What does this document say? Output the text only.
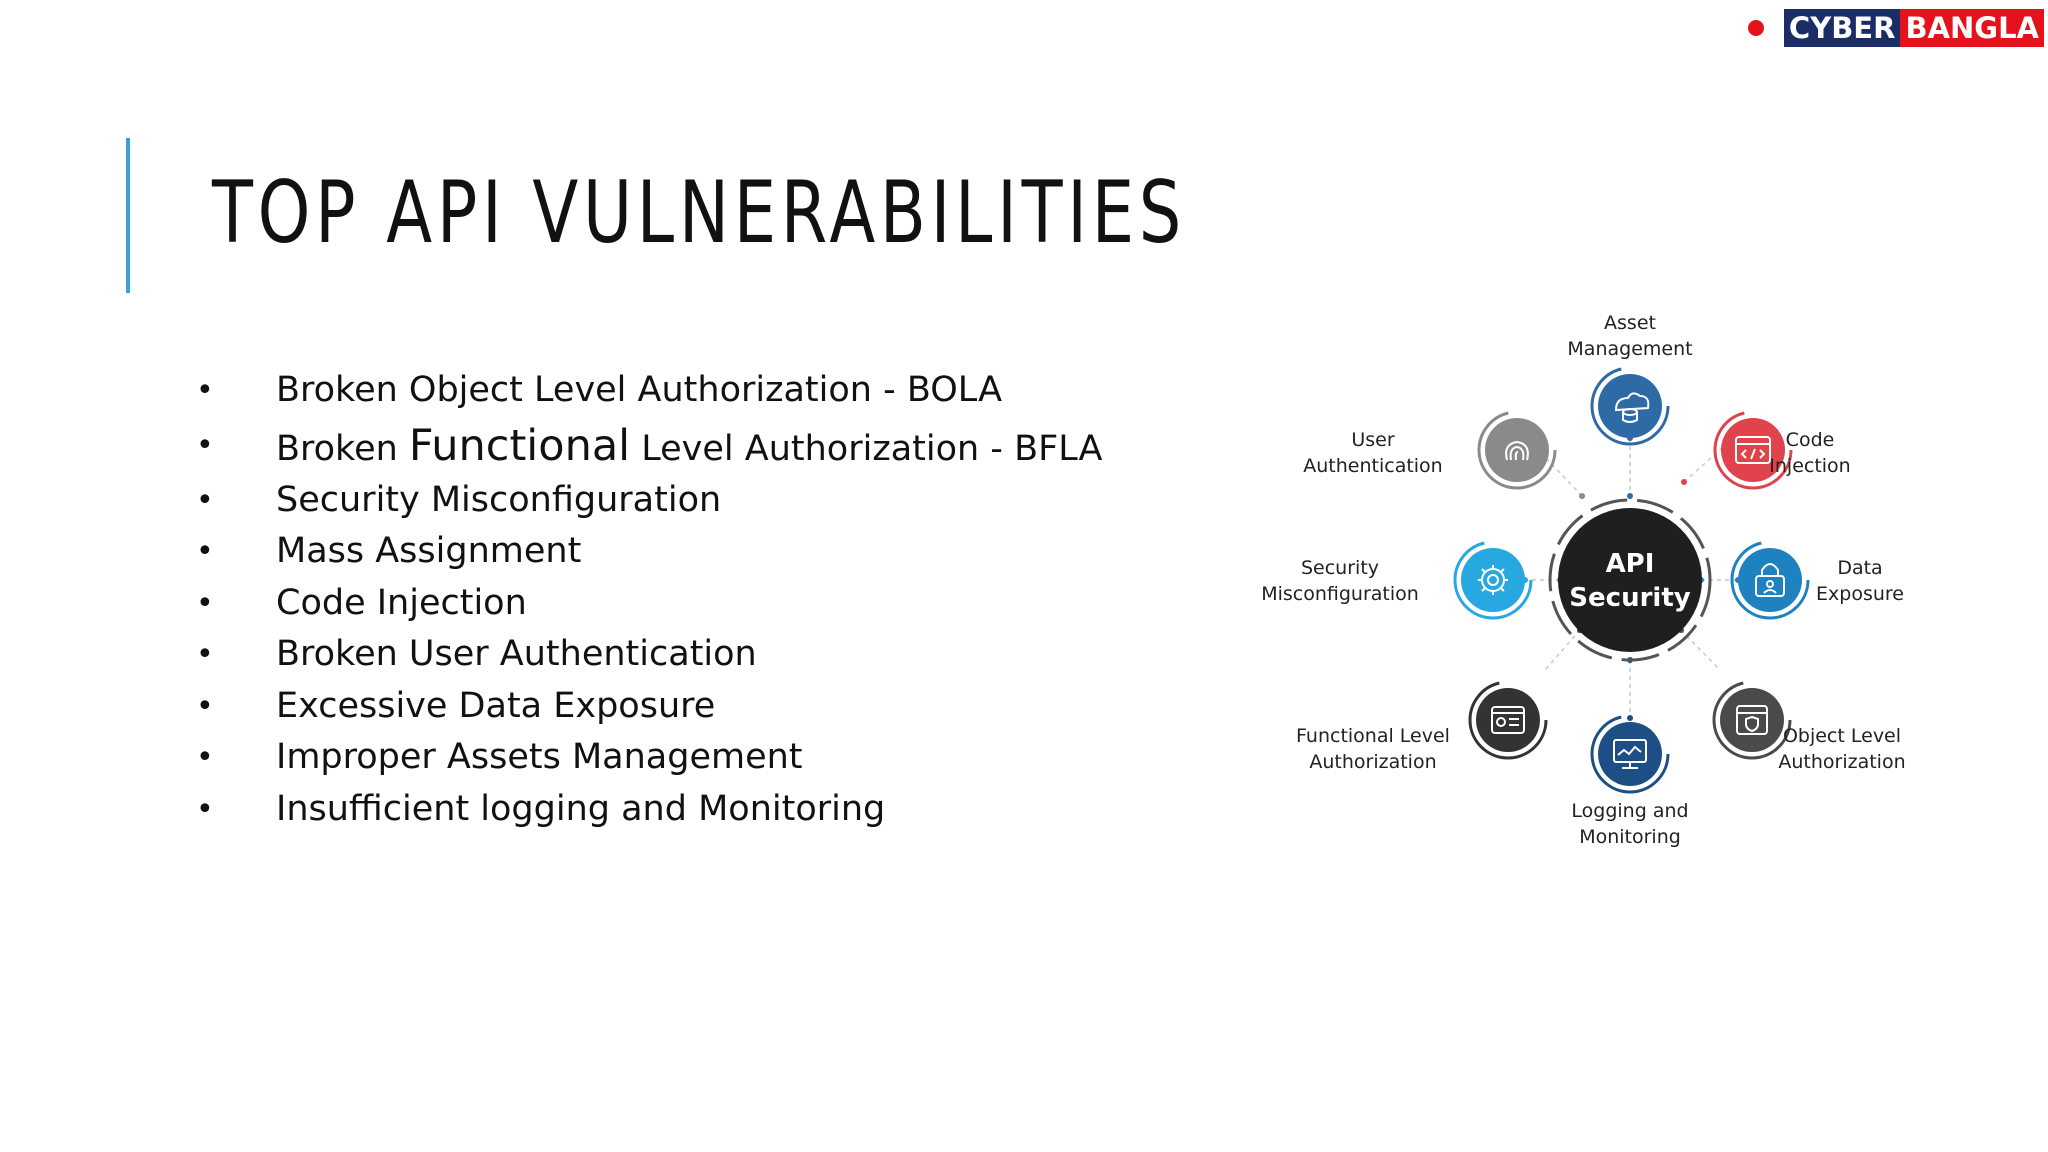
CYBER BANGLA
TOP API VULNERABILITIES
• Broken Object Level Authorization - BOLA
• Broken Functional Level Authorization - BFLA
• Security Misconfiguration
• Mass Assignment
• Code Injection
• Broken User Authentication
• Excessive Data Exposure
• Improper Assets Management
• Insufficient logging and Monitoring
API
Security
Asset
Management
Code
Injection
Data
Exposure
Object Level
Authorization
Logging and
Monitoring
Functional Level
Authorization
Security
Misconfiguration
User
Authentication
